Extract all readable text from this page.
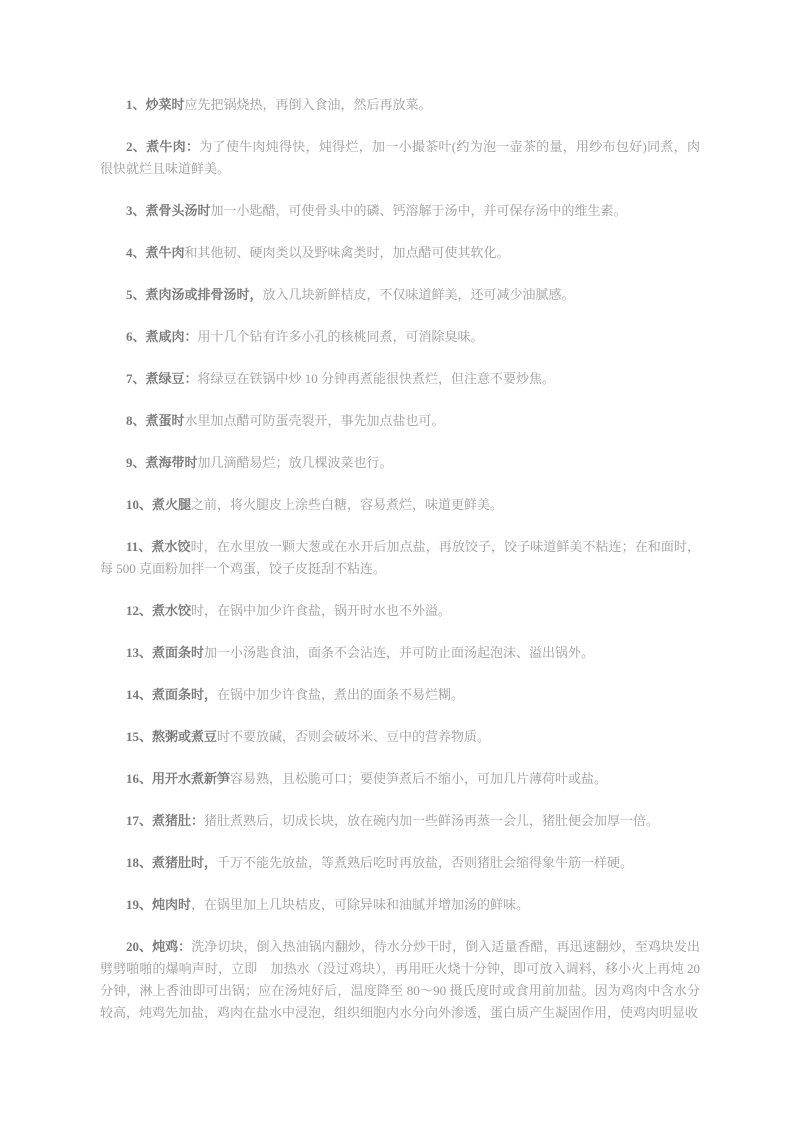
1、炒菜时应先把锅烧热，再倒入食油，然后再放菜。

2、煮牛肉：为了使牛肉炖得快，炖得烂，加一小撮茶叶(约为泡一壶茶的量，用纱布包好)同煮，肉很快就烂且味道鲜美。

3、煮骨头汤时加一小匙醋，可使骨头中的磷、钙溶解于汤中，并可保存汤中的维生素。

4、煮牛肉和其他韧、硬肉类以及野味禽类时，加点醋可使其软化。

5、煮肉汤或排骨汤时，放入几块新鲜桔皮，不仅味道鲜美，还可减少油腻感。

6、煮咸肉：用十几个钻有许多小孔的核桃同煮，可消除臭味。

7、煮绿豆：将绿豆在铁锅中炒 10 分钟再煮能很快煮烂，但注意不要炒焦。

8、煮蛋时水里加点醋可防蛋壳裂开，事先加点盐也可。

9、煮海带时加几滴醋易烂；放几棵波菜也行。

10、煮火腿之前，将火腿皮上涂些白糖，容易煮烂，味道更鲜美。

11、煮水饺时，在水里放一颗大葱或在水开后加点盐，再放饺子，饺子味道鲜美不粘连；在和面时，每 500 克面粉加拌一个鸡蛋，饺子皮挺刮不粘连。

12、煮水饺时，在锅中加少许食盐，锅开时水也不外溢。

13、煮面条时加一小汤匙食油，面条不会沾连，并可防止面汤起泡沫、溢出锅外。

14、煮面条时，在锅中加少许食盐，煮出的面条不易烂糊。

15、熬粥或煮豆时不要放碱，否则会破坏米、豆中的营养物质。

16、用开水煮新笋容易熟，且松脆可口；要使笋煮后不缩小，可加几片薄荷叶或盐。

17、煮猪肚：猪肚煮熟后，切成长块，放在碗内加一些鲜汤再蒸一会儿，猪肚便会加厚一倍。

18、煮猪肚时，千万不能先放盐，等煮熟后吃时再放盐，否则猪肚会缩得象牛筋一样硬。

19、炖肉时，在锅里加上几块桔皮，可除异味和油腻并增加汤的鲜味。

20、炖鸡：洗净切块，倒入热油锅内翻炒，待水分炒干时，倒入适量香醋，再迅速翻炒，至鸡块发出劈劈啪啪的爆响声时，立即　加热水（没过鸡块），再用旺火烧十分钟，即可放入调料，移小火上再炖 20 分钟，淋上香油即可出锅；应在汤炖好后，温度降至 80～90 摄氏度时或食用前加盐。因为鸡肉中含水分较高，炖鸡先加盐，鸡肉在盐水中浸泡，组织细胞内水分向外渗透，蛋白质产生凝固作用，使鸡肉明显收
